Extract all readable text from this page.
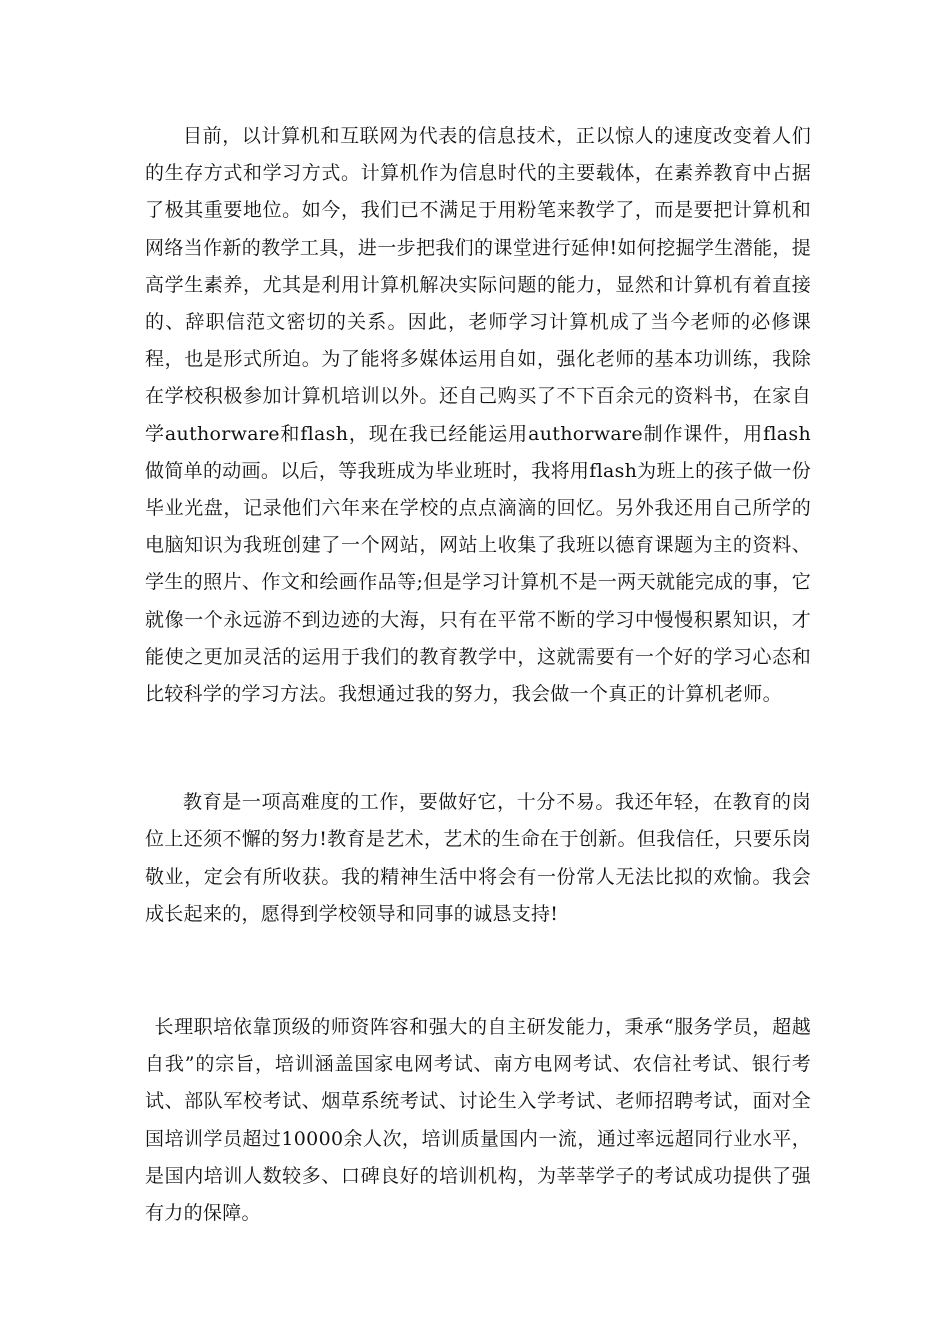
目前，以计算机和互联网为代表的信息技术，正以惊人的速度改变着人们的生存方式和学习方式。计算机作为信息时代的主要载体，在素养教育中占据了极其重要地位。如今，我们已不满足于用粉笔来教学了，而是要把计算机和网络当作新的教学工具，进一步把我们的课堂进行延伸!如何挖掘学生潜能，提高学生素养，尤其是利用计算机解决实际问题的能力，显然和计算机有着直接的、辞职信范文密切的关系。因此，老师学习计算机成了当今老师的必修课程，也是形式所迫。为了能将多媒体运用自如，强化老师的基本功训练，我除在学校积极参加计算机培训以外。还自己购买了不下百余元的资料书，在家自学authorware和flash，现在我已经能运用authorware制作课件，用flash做简单的动画。以后，等我班成为毕业班时，我将用flash为班上的孩子做一份毕业光盘，记录他们六年来在学校的点点滴滴的回忆。另外我还用自己所学的电脑知识为我班创建了一个网站，网站上收集了我班以德育课题为主的资料、学生的照片、作文和绘画作品等;但是学习计算机不是一两天就能完成的事，它就像一个永远游不到边迹的大海，只有在平常不断的学习中慢慢积累知识，才能使之更加灵活的运用于我们的教育教学中，这就需要有一个好的学习心态和比较科学的学习方法。我想通过我的努力，我会做一个真正的计算机老师。

教育是一项高难度的工作，要做好它，十分不易。我还年轻，在教育的岗位上还须不懈的努力!教育是艺术，艺术的生命在于创新。但我信任，只要乐岗敬业，定会有所收获。我的精神生活中将会有一份常人无法比拟的欢愉。我会成长起来的，愿得到学校领导和同事的诚恳支持!

长理职培依靠顶级的师资阵容和强大的自主研发能力，秉承“服务学员，超越自我”的宗旨，培训涵盖国家电网考试、南方电网考试、农信社考试、银行考试、部队军校考试、烟草系统考试、讨论生入学考试、老师招聘考试，面对全国培训学员超过10000余人次，培训质量国内一流，通过率远超同行业水平，是国内培训人数较多、口碑良好的培训机构，为莘莘学子的考试成功提供了强有力的保障。
